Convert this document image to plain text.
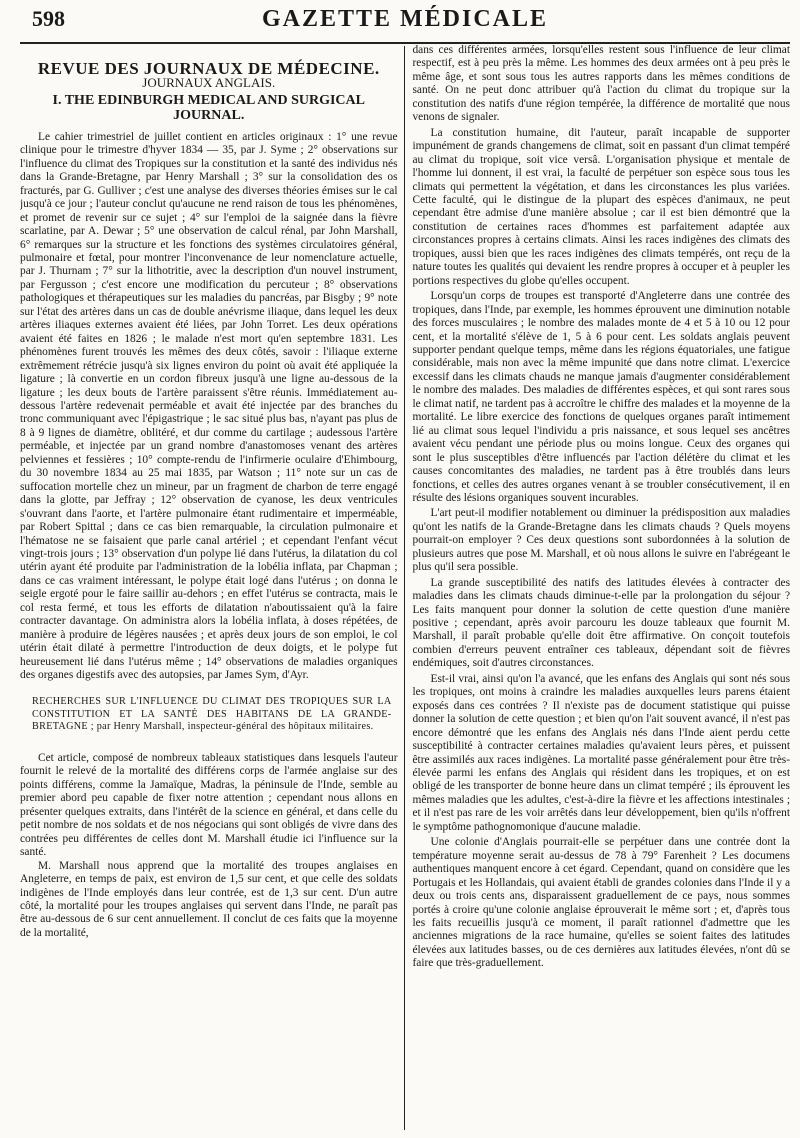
598	GAZETTE MÉDICALE
REVUE DES JOURNAUX DE MÉDECINE.
JOURNAUX ANGLAIS.
I. THE EDINBURGH MEDICAL AND SURGICAL JOURNAL.

Le cahier trimestriel de juillet contient en articles originaux : 1° une revue clinique pour le trimestre d'hyver 1834 — 35, par J. Syme ; 2° observations sur l'influence du climat des Tropiques sur la constitution et la santé des individus nés dans la Grande-Bretagne, par Henry Marshall ; 3° sur la consolidation des os fracturés, par G. Gulliver ; c'est une analyse des diverses théories émises sur le cal jusqu'à ce jour ; l'auteur conclut qu'aucune ne rend raison de tous les phénomènes, et promet de revenir sur ce sujet ; 4° sur l'emploi de la saignée dans la fièvre scarlatine, par A. Dewar ; 5° une observation de calcul rénal, par John Marshall, 6° remarques sur la structure et les fonctions des systèmes circulatoires général, pulmonaire et fœtal, pour montrer l'inconvenance de leur nomenclature actuelle, par J. Thurnam ; 7° sur la lithotritie, avec la description d'un nouvel instrument, par Fergusson ; c'est encore une modification du percuteur ; 8° observations pathologiques et thérapeutiques sur les maladies du pancréas, par Bisgby ; 9° note sur l'état des artères dans un cas de double anévrisme iliaque, dans lequel les deux artères iliaques externes avaient été liées, par John Torret. Les deux opérations avaient été faites en 1826 ; le malade n'est mort qu'en septembre 1831. Les phénomènes furent trouvés les mêmes des deux côtés, savoir : l'iliaque externe extrêmement rétrécie jusqu'à six lignes environ du point où avait été appliquée la ligature ; là convertie en un cordon fibreux jusqu'à une ligne au-dessous de la ligature ; les deux bouts de l'artère paraissent s'être réunis. Immédiatement au-dessous l'artère redevenait perméable et avait été injectée par des branches du tronc communiquant avec l'épigastrique ; le sac situé plus bas, n'ayant pas plus de 8 à 9 lignes de diamètre, oblitéré, et dur comme du cartilage ; audessous l'artère perméable, et injectée par un grand nombre d'anastomoses venant des artères pelviennes et fessières ; 10° compte-rendu de l'infirmerie oculaire d'Ehimbourg, du 30 novembre 1834 au 25 mai 1835, par Watson ; 11° note sur un cas de suffocation mortelle chez un mineur, par un fragment de charbon de terre engagé dans la glotte, par Jeffray ; 12° observation de cyanose, les deux ventricules s'ouvrant dans l'aorte, et l'artère pulmonaire étant rudimentaire et imperméable, par Robert Spittal ; dans ce cas bien remarquable, la circulation pulmonaire et l'hématose ne se faisaient que parle canal artériel ; et cependant l'enfant vécut vingt-trois jours ; 13° observation d'un polype lié dans l'utérus, la dilatation du col utérin ayant été produite par l'administration de la lobélia inflata, par Chapman ; dans ce cas vraiment intéressant, le polype était logé dans l'utérus ; on donna le seigle ergoté pour le faire saillir au-dehors ; en effet l'utérus se contracta, mais le col resta fermé, et tous les efforts de dilatation n'aboutissaient qu'à la faire contracter davantage. On administra alors la lobélia inflata, à doses répétées, de manière à produire de légères nausées ; et après deux jours de son emploi, le col utérin était dilaté à permettre l'introduction de deux doigts, et le polype fut heureusement lié dans l'utérus même ; 14° observations de maladies organiques des organes digestifs avec des autopsies, par James Sym, d'Ayr.

RECHERCHES SUR L'INFLUENCE DU CLIMAT DES TROPIQUES SUR LA CONSTITUTION ET LA SANTÉ DES HABITANS DE LA GRANDE-BRETAGNE ; par Henry Marshall, inspecteur-général des hôpitaux militaires.

Cet article, composé de nombreux tableaux statistiques dans lesquels l'auteur fournit le relevé de la mortalité des différens corps de l'armée anglaise sur des points différens, comme la Jamaïque, Madras, la péninsule de l'Inde, semble au premier abord peu capable de fixer notre attention ; cependant nous allons en présenter quelques extraits, dans l'intérêt de la science en général, et dans celle du petit nombre de nos soldats et de nos négocians qui sont obligés de vivre dans des contrées peu différentes de celles dont M. Marshall étudie ici l'influence sur la santé.

M. Marshall nous apprend que la mortalité des troupes anglaises en Angleterre, en temps de paix, est environ de 1,5 sur cent, et que celle des soldats indigènes de l'Inde employés dans leur contrée, est de 1,3 sur cent. D'un autre côté, la mortalité pour les troupes anglaises qui servent dans l'Inde, ne paraît pas être au-dessous de 6 sur cent annuellement. Il conclut de ces faits que la moyenne de la mortalité,

dans ces différentes armées, lorsqu'elles restent sous l'influence de leur climat respectif, est à peu près la même. Les hommes des deux armées ont à peu près le même âge, et sont sous tous les autres rapports dans les mêmes conditions de santé. On ne peut donc attribuer qu'à l'action du climat du tropique sur la constitution des natifs d'une région tempérée, la différence de mortalité que nous venons de signaler.

La constitution humaine, dit l'auteur, paraît incapable de supporter impunément de grands changemens de climat, soit en passant d'un climat tempéré au climat du tropique, soit vice versâ. L'organisation physique et mentale de l'homme lui donnent, il est vrai, la faculté de perpétuer son espèce sous tous les climats qui permettent la végétation, et dans les circonstances les plus variées. Cette faculté, qui le distingue de la plupart des espèces d'animaux, ne peut cependant être admise d'une manière absolue ; car il est bien démontré que la constitution de certaines races d'hommes est parfaitement adaptée aux circonstances propres à certains climats. Ainsi les races indigènes des climats des tropiques, aussi bien que les races indigènes des climats tempérés, ont reçu de la nature toutes les qualités qui devaient les rendre propres à occuper et à peupler les portions respectives du globe qu'elles occupent.

Lorsqu'un corps de troupes est transporté d'Angleterre dans une contrée des tropiques, dans l'Inde, par exemple, les hommes éprouvent une diminution notable des forces musculaires ; le nombre des malades monte de 4 et 5 à 10 ou 12 pour cent, et la mortalité s'élève de 1, 5 à 6 pour cent. Les soldats anglais peuvent supporter pendant quelque temps, même dans les régions équatoriales, une fatigue considérable, mais non avec la même impunité que dans notre climat. L'exercice excessif dans les climats chauds ne manque jamais d'augmenter considérablement le nombre des malades. Des maladies de différentes espèces, et qui sont rares sous le climat natif, ne tardent pas à accroître le chiffre des malades et la moyenne de la mortalité. Le libre exercice des fonctions de quelques organes paraît intimement lié au climat sous lequel l'individu a pris naissance, et sous lequel ses ancêtres avaient vécu pendant une période plus ou moins longue. Ceux des organes qui sont le plus susceptibles d'être influencés par l'action délétère du climat et les causes concomitantes des maladies, ne tardent pas à être troublés dans leurs fonctions, et celles des autres organes venant à se troubler consécutivement, il en résulte des lésions organiques souvent incurables.

L'art peut-il modifier notablement ou diminuer la prédisposition aux maladies qu'ont les natifs de la Grande-Bretagne dans les climats chauds ? Quels moyens pourrait-on employer ? Ces deux questions sont subordonnées à la solution de plusieurs autres que pose M. Marshall, et où nous allons le suivre en l'abrégeant le plus qu'il sera possible.

La grande susceptibilité des natifs des latitudes élevées à contracter des maladies dans les climats chauds diminue-t-elle par la prolongation du séjour ? Les faits manquent pour donner la solution de cette question d'une manière positive ; cependant, après avoir parcouru les douze tableaux que fournit M. Marshall, il paraît probable qu'elle doit être affirmative. On conçoit toutefois combien d'erreurs peuvent entraîner ces tableaux, dépendant soit de fièvres endémiques, soit d'autres circonstances.

Est-il vrai, ainsi qu'on l'a avancé, que les enfans des Anglais qui sont nés sous les tropiques, ont moins à craindre les maladies auxquelles leurs parens étaient exposés dans ces contrées ? Il n'existe pas de document statistique qui puisse donner la solution de cette question ; et bien qu'on l'ait souvent avancé, il n'est pas encore démontré que les enfans des Anglais nés dans l'Inde aient perdu cette susceptibilité à contracter certaines maladies qu'avaient leurs pères, et puissent être assimilés aux races indigènes. La mortalité passe généralement pour être très-élevée parmi les enfans des Anglais qui résident dans les tropiques, et on est obligé de les transporter de bonne heure dans un climat tempéré ; ils éprouvent les mêmes maladies que les adultes, c'est-à-dire la fièvre et les affections intestinales ; et il n'est pas rare de les voir arrêtés dans leur développement, bien qu'ils n'offrent le symptôme pathognomonique d'aucune maladie.

Une colonie d'Anglais pourrait-elle se perpétuer dans une contrée dont la température moyenne serait au-dessus de 78 à 79° Farenheit ? Les documens authentiques manquent encore à cet égard. Cependant, quand on considère que les Portugais et les Hollandais, qui avaient établi de grandes colonies dans l'Inde il y a deux ou trois cents ans, disparaissent graduellement de ce pays, nous sommes portés à croire qu'une colonie anglaise éprouverait le même sort ; et, d'après tous les faits recueillis jusqu'à ce moment, il paraît rationnel d'admettre que les anciennes migrations de la race humaine, qu'elles se soient faites des latitudes élevées aux latitudes basses, ou de ces dernières aux latitudes élevées, n'ont dû se faire que très-graduellement.
